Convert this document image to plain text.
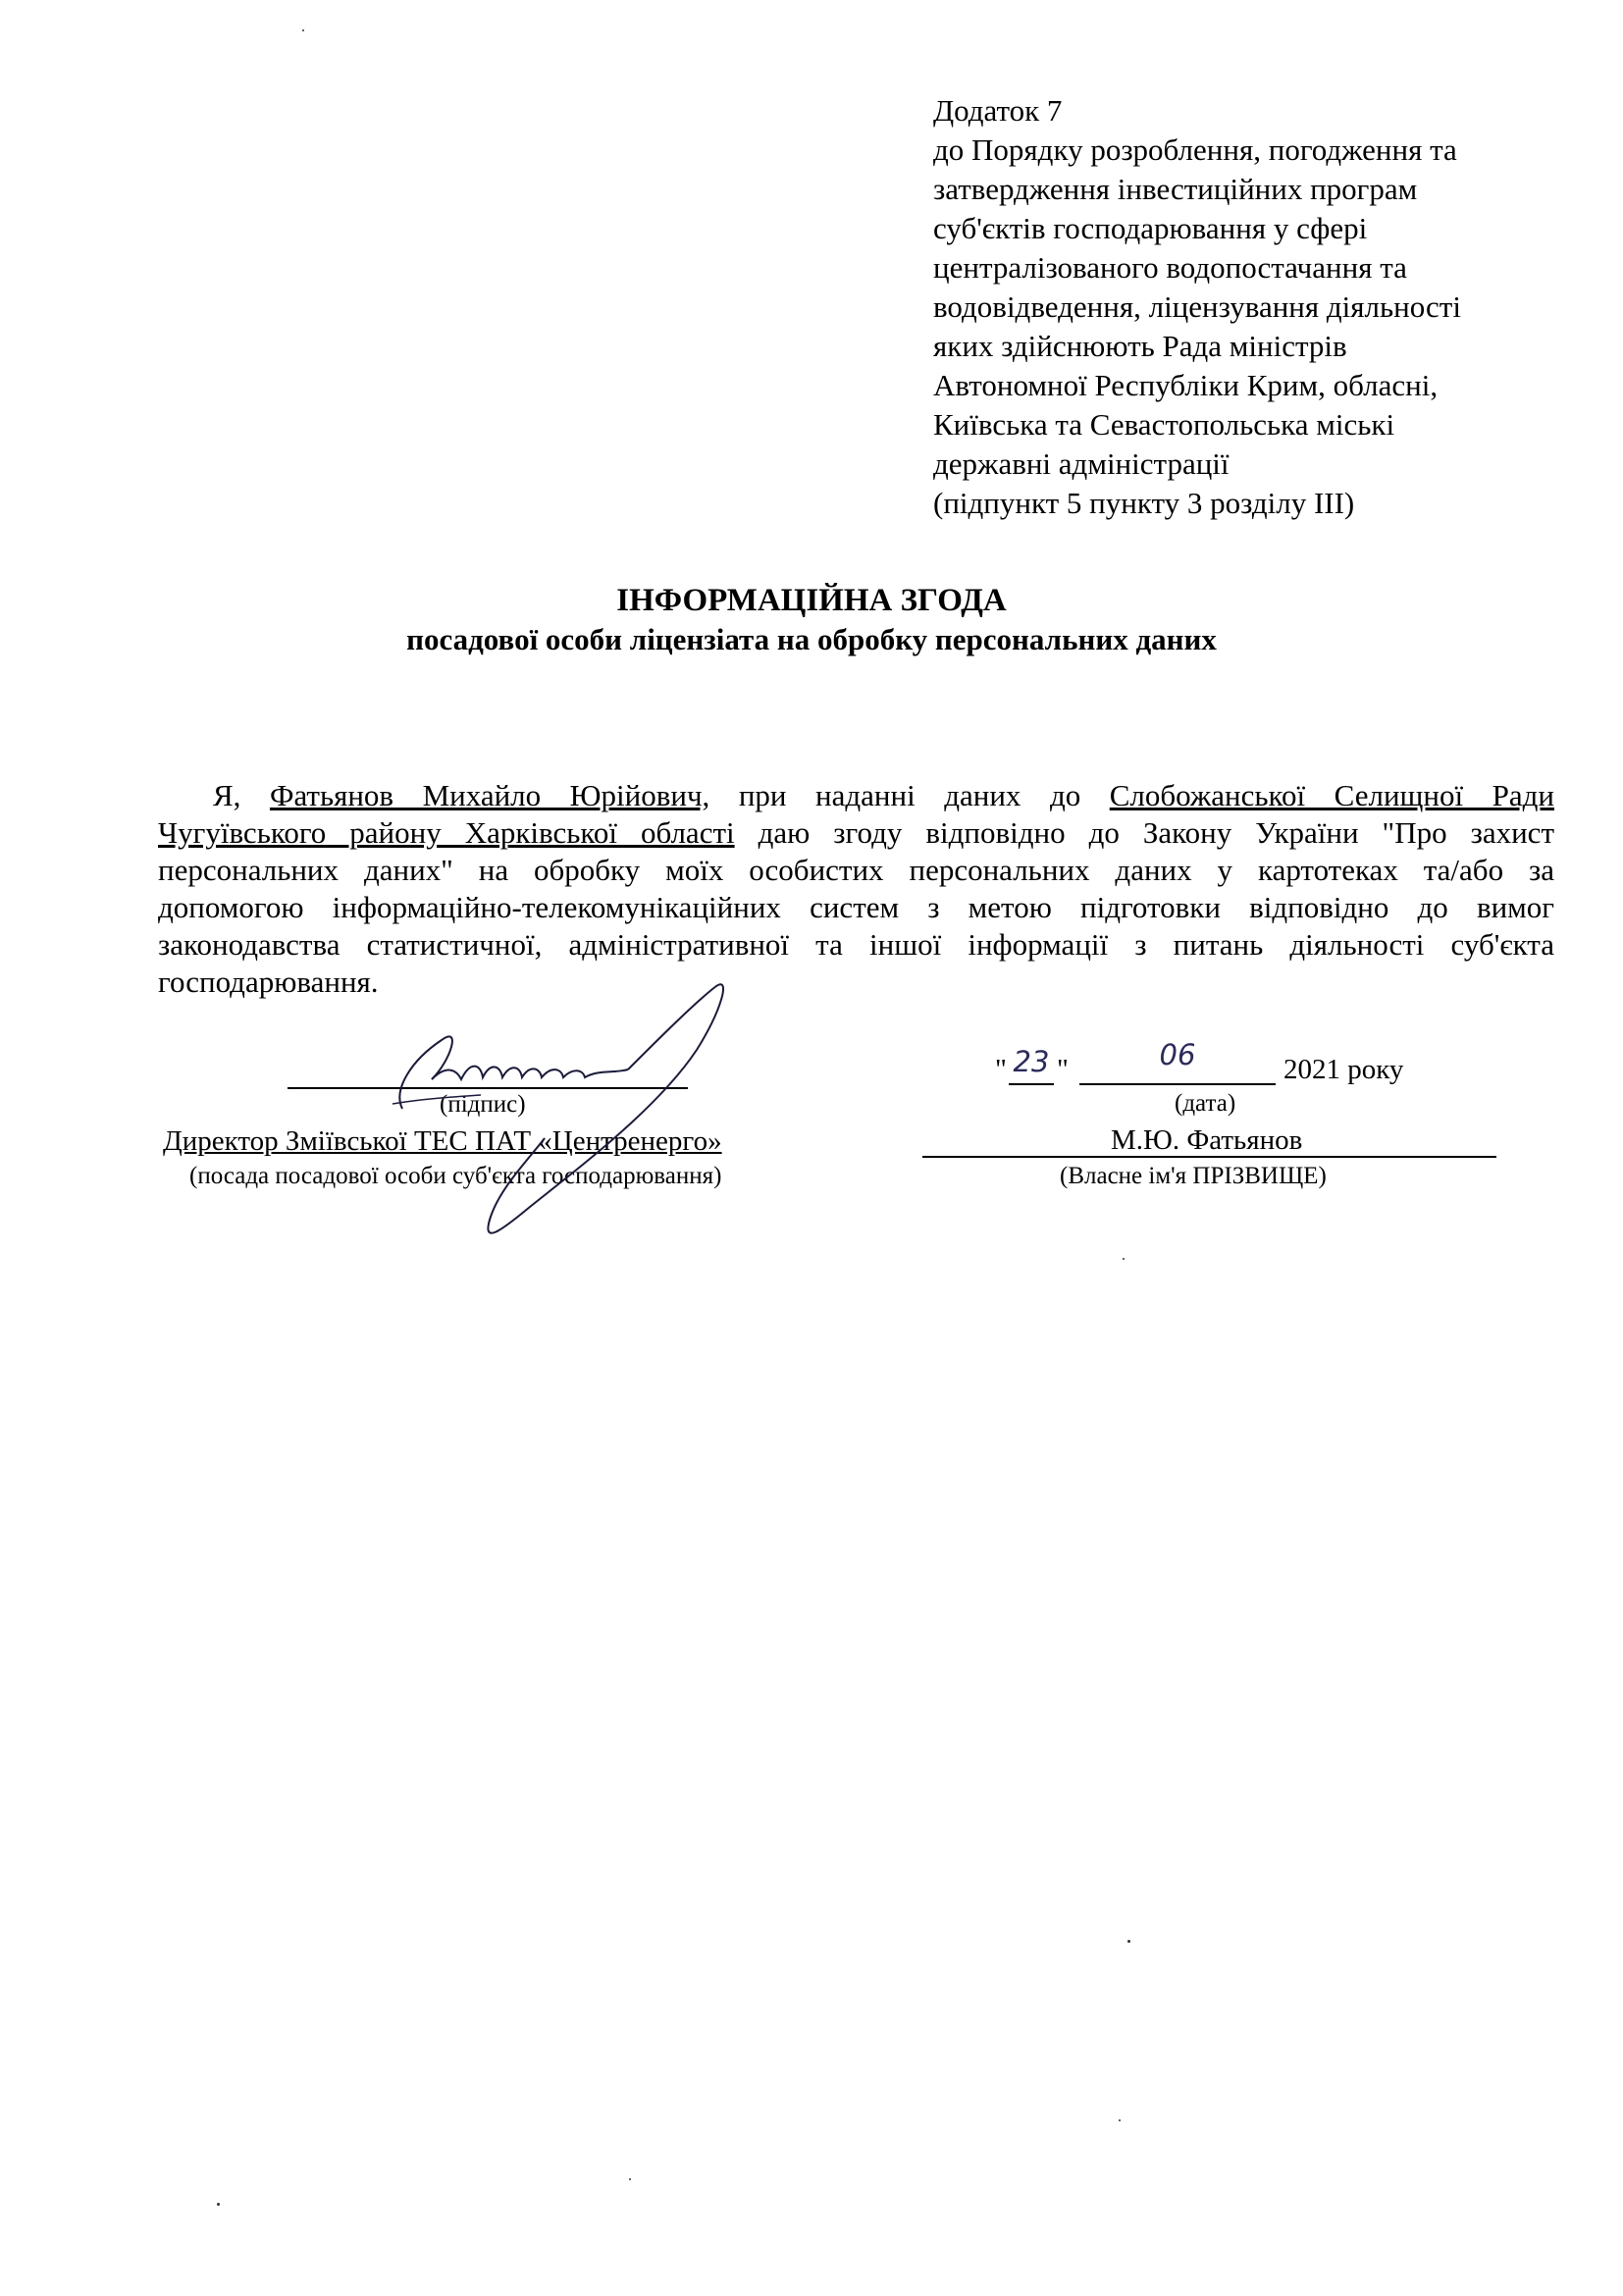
Додаток 7
до Порядку розроблення, погодження та
затвердження інвестиційних програм
суб'єктів господарювання у сфері
централізованого водопостачання та
водовідведення, ліцензування діяльності
яких здійснюють Рада міністрів
Автономної Республіки Крим, обласні,
Київська та Севастопольська міські
державні адміністрації
(підпункт 5 пункту 3 розділу III)
ІНФОРМАЦІЙНА ЗГОДА
посадової особи ліцензіата на обробку персональних даних
Я, Фатьянов Михайло Юрійович, при наданні даних до Слобожанської Селищної Ради
Чугуївського району Харківської області даю згоду відповідно до Закону України "Про захист
персональних даних" на обробку моїх особистих персональних даних у картотеках та/або за
допомогою інформаційно-телекомунікаційних систем з метою підготовки відповідно до вимог
законодавства статистичної, адміністративної та іншої інформації з питань діяльності суб'єкта
господарювання.
(підпис)
Директор Зміївської ТЕС ПАТ «Центренерго»
(посада посадової особи суб'єкта господарювання)
" 23 "	06	2021 року
(дата)
М.Ю. Фатьянов
(Власне ім'я ПРІЗВИЩЕ)
